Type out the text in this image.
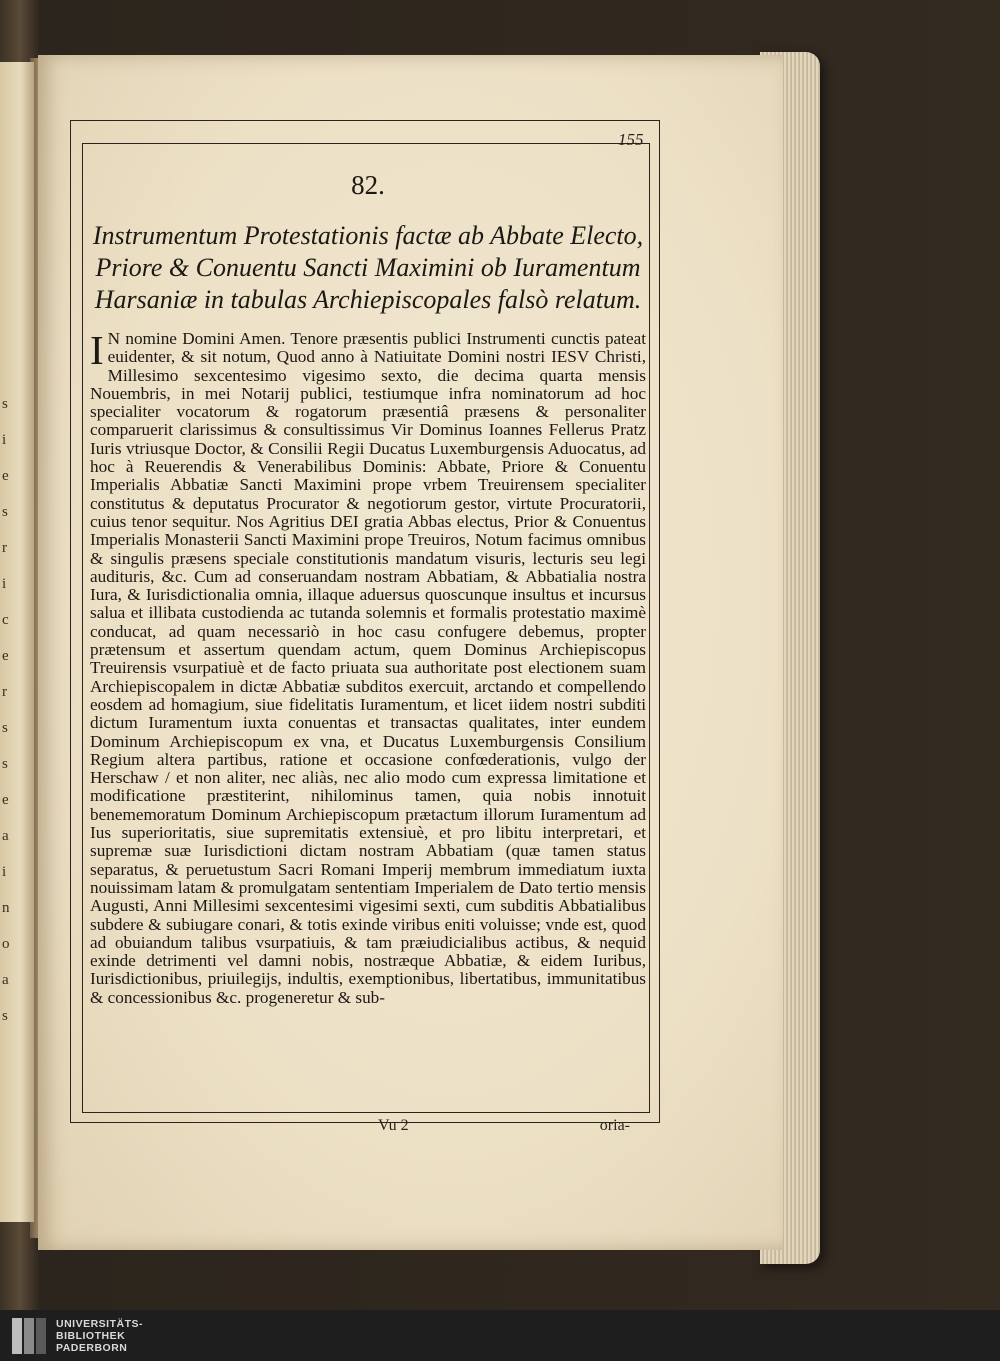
s
i
e
s
r
i
c
e
r
s
s
e
a
i
n
o
a
s
155
82.
Instrumentum Protestationis factæ ab Abbate Electo, Priore & Conuentu Sancti Maximini ob Iuramentum Harsaniæ in tabulas Archiepiscopales falsò relatum.
I N nomine Domini Amen. Tenore præsentis publici Instrumenti cunctis pateat euidenter, & sit notum, Quod anno à Natiuitate Domini nostri IESV Christi, Millesimo sexcentesimo vigesimo sexto, die decima quarta mensis Nouembris, in mei Notarij publici, testiumque infra nominatorum ad hoc specialiter vocatorum & rogatorum præsentiâ præsens & personaliter comparuerit clarissimus & consultissimus Vir Dominus Ioannes Fellerus Pratz Iuris vtriusque Doctor, & Consilii Regii Ducatus Luxemburgensis Aduocatus, ad hoc à Reuerendis & Venerabilibus Dominis: Abbate, Priore & Conuentu Imperialis Abbatiæ Sancti Maximini prope vrbem Treuirensem specialiter constitutus & deputatus Procurator & negotiorum gestor, virtute Procuratorii, cuius tenor sequitur. Nos Agritius DEI gratia Abbas electus, Prior & Conuentus Imperialis Monasterii Sancti Maximini prope Treuiros, Notum facimus omnibus & singulis præsens speciale constitutionis mandatum visuris, lecturis seu legi audituris, &c. Cum ad conseruandam nostram Abbatiam, & Abbatialia nostra Iura, & Iurisdictionalia omnia, illaque aduersus quoscunque insultus et incursus salua et illibata custodienda ac tutanda solemnis et formalis protestatio maximè conducat, ad quam necessariò in hoc casu confugere debemus, propter prætensum et assertum quendam actum, quem Dominus Archiepiscopus Treuirensis vsurpatiuè et de facto priuata sua authoritate post electionem suam Archiepiscopalem in dictæ Abbatiæ subditos exercuit, arctando et compellendo eosdem ad homagium, siue fidelitatis Iuramentum, et licet iidem nostri subditi dictum Iuramentum iuxta conuentas et transactas qualitates, inter eundem Dominum Archiepiscopum ex vna, et Ducatus Luxemburgensis Consilium Regium altera partibus, ratione et occasione confœderationis, vulgo der Herschaw / et non aliter, nec aliàs, nec alio modo cum expressa limitatione et modificatione præstiterint, nihilominus tamen, quia nobis innotuit benememoratum Dominum Archiepiscopum prætactum illorum Iuramentum ad Ius superioritatis, siue supremitatis extensiuè, et pro libitu interpretari, et supremæ suæ Iurisdictioni dictam nostram Abbatiam (quæ tamen status separatus, & peruetustum Sacri Romani Imperij membrum immediatum iuxta nouissimam latam & promulgatam sententiam Imperialem de Dato tertio mensis Augusti, Anni Millesimi sexcentesimi vigesimi sexti, cum subditis Abbatialibus subdere & subiugare conari, & totis exinde viribus eniti voluisse; vnde est, quod ad obuiandum talibus vsurpatiuis, & tam præiudicialibus actibus, & nequid exinde detrimenti vel damni nobis, nostræque Abbatiæ, & eidem Iuribus, Iurisdictionibus, priuilegijs, indultis, exemptionibus, libertatibus, immunitatibus & concessionibus &c. progeneretur & sub-
Vu 2	oria-
UNIVERSITÄTS-
BIBLIOTHEK
PADERBORN
